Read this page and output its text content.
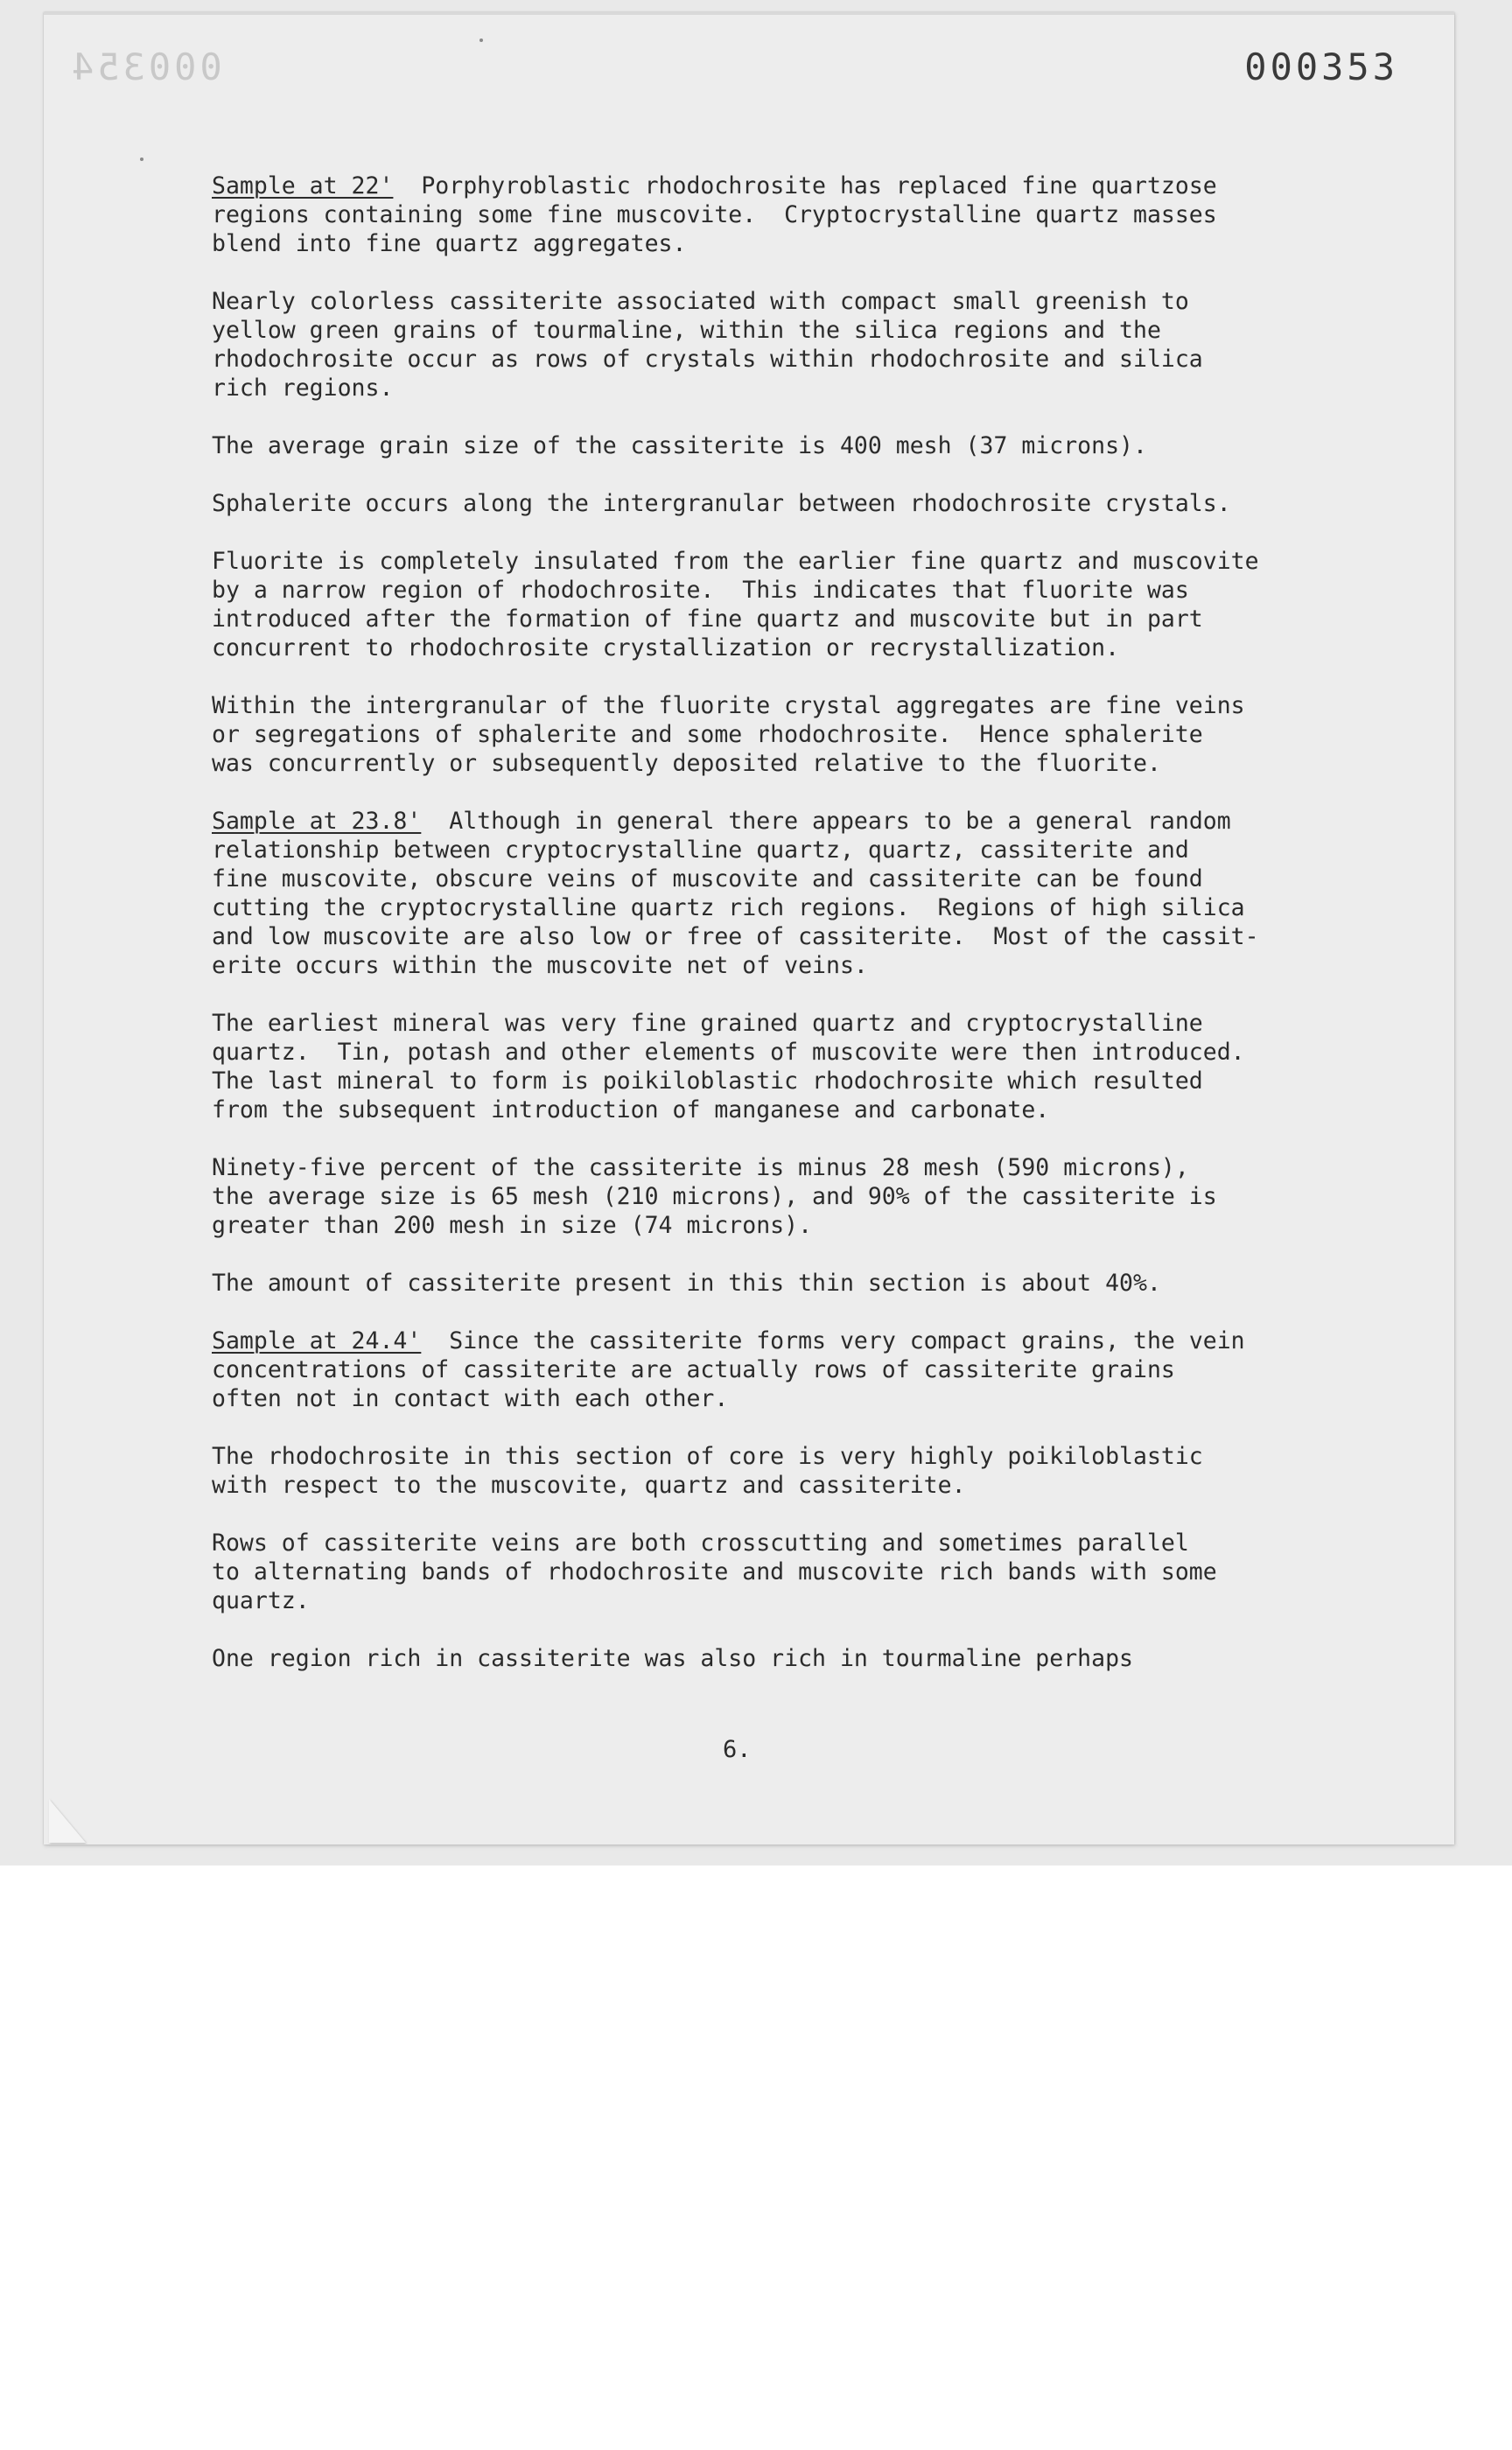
000354	000353

Sample at 22'  Porphyroblastic rhodochrosite has replaced fine quartzose
regions containing some fine muscovite.  Cryptocrystalline quartz masses
blend into fine quartz aggregates.

Nearly colorless cassiterite associated with compact small greenish to
yellow green grains of tourmaline, within the silica regions and the
rhodochrosite occur as rows of crystals within rhodochrosite and silica
rich regions.

The average grain size of the cassiterite is 400 mesh (37 microns).

Sphalerite occurs along the intergranular between rhodochrosite crystals.

Fluorite is completely insulated from the earlier fine quartz and muscovite
by a narrow region of rhodochrosite.  This indicates that fluorite was
introduced after the formation of fine quartz and muscovite but in part
concurrent to rhodochrosite crystallization or recrystallization.

Within the intergranular of the fluorite crystal aggregates are fine veins
or segregations of sphalerite and some rhodochrosite.  Hence sphalerite
was concurrently or subsequently deposited relative to the fluorite.

Sample at 23.8'  Although in general there appears to be a general random
relationship between cryptocrystalline quartz, quartz, cassiterite and
fine muscovite, obscure veins of muscovite and cassiterite can be found
cutting the cryptocrystalline quartz rich regions.  Regions of high silica
and low muscovite are also low or free of cassiterite.  Most of the cassit-
erite occurs within the muscovite net of veins.

The earliest mineral was very fine grained quartz and cryptocrystalline
quartz.  Tin, potash and other elements of muscovite were then introduced.
The last mineral to form is poikiloblastic rhodochrosite which resulted
from the subsequent introduction of manganese and carbonate.

Ninety-five percent of the cassiterite is minus 28 mesh (590 microns),
the average size is 65 mesh (210 microns), and 90% of the cassiterite is
greater than 200 mesh in size (74 microns).

The amount of cassiterite present in this thin section is about 40%.

Sample at 24.4'  Since the cassiterite forms very compact grains, the vein
concentrations of cassiterite are actually rows of cassiterite grains
often not in contact with each other.

The rhodochrosite in this section of core is very highly poikiloblastic
with respect to the muscovite, quartz and cassiterite.

Rows of cassiterite veins are both crosscutting and sometimes parallel
to alternating bands of rhodochrosite and muscovite rich bands with some
quartz.

One region rich in cassiterite was also rich in tourmaline perhaps

6.
